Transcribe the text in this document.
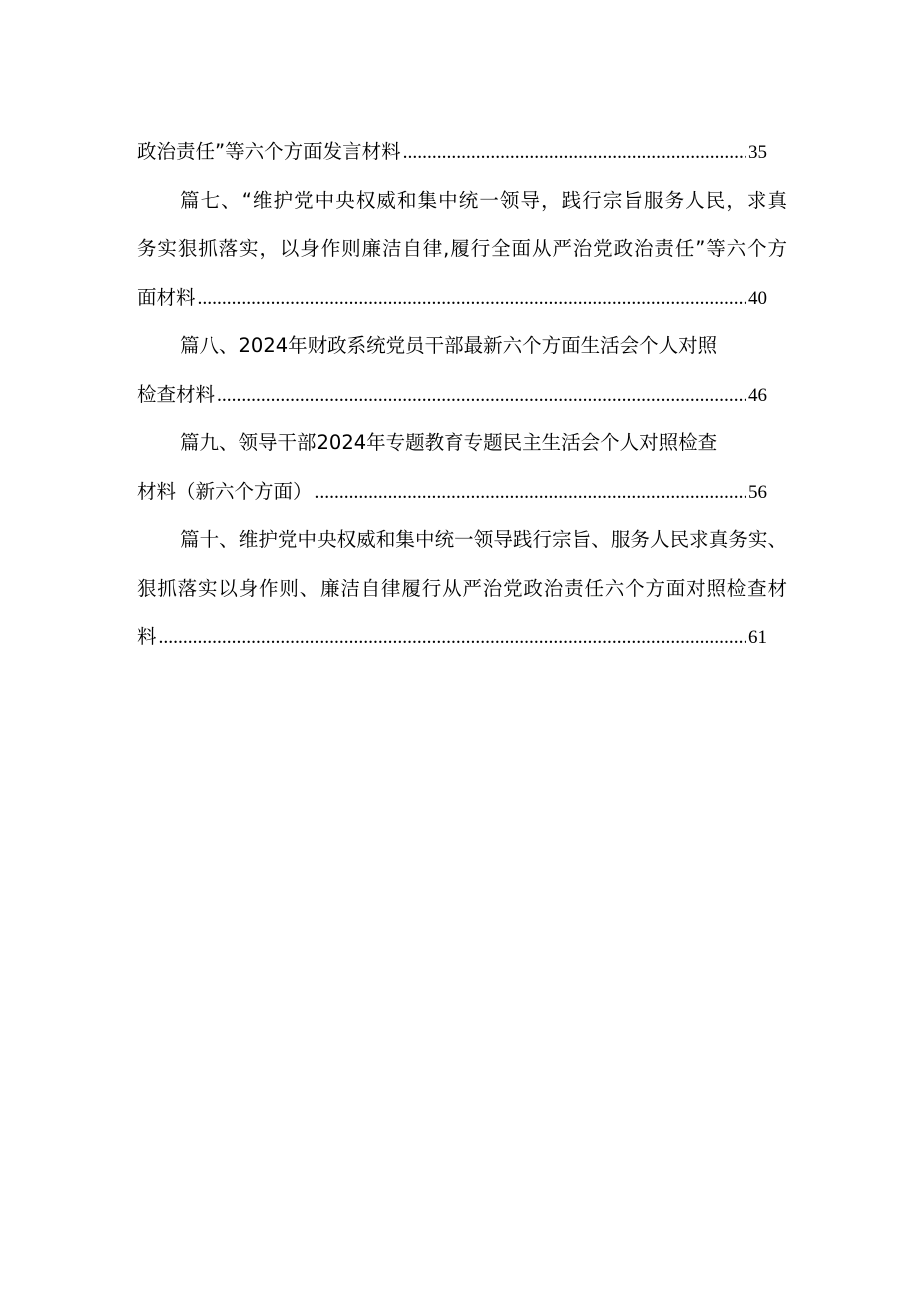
政治责任”等六个方面发言材料 .....	35
篇七、“维护党中央权威和集中统一领导，践行宗旨服务人民，求真
务实狠抓落实，以身作则廉洁自律,履行全面从严治党政治责任”等六个方
面材料 .....	40
篇八、2024年财政系统党员干部最新六个方面生活会个人对照
检查材料 .....	46
篇九、领导干部2024年专题教育专题民主生活会个人对照检查
材料（新六个方面） .....	56
篇十、维护党中央权威和集中统一领导践行宗旨、服务人民求真务实、
狠抓落实以身作则、廉洁自律履行从严治党政治责任六个方面对照检查材
料 .....	61
